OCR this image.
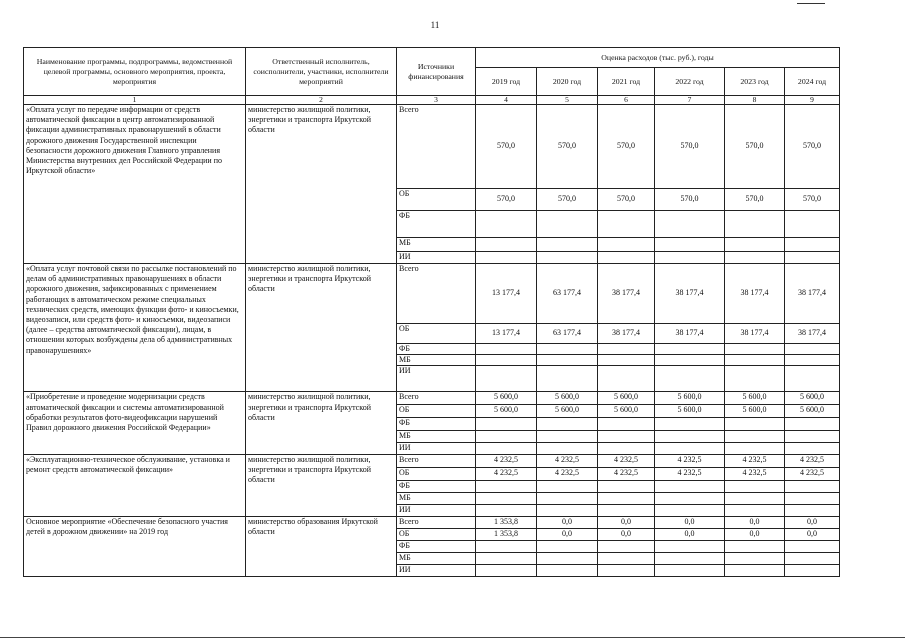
11
Наименование программы, подпрограммы, ведомственной целевой программы, основного мероприятия, проекта, мероприятия	Ответственный исполнитель, соисполнители, участники, исполнители мероприятий	Источники финансирования	Оценка расходов (тыс. руб.), годы					
			2019 год	2020 год	2021 год	2022 год	2023 год	2024 год
1	2	3	4	5	6	7	8	9
«Оплата услуг по передаче информации от средств автоматической фиксации в центр автоматизированной фиксации административных правонарушений в области дорожного движения Государственной инспекции безопасности дорожного движения Главного управления Министерства внутренних дел Российской Федерации по Иркутской области»	министерство жилищной политики, энергетики и транспорта Иркутской области	Всего	570,0	570,0	570,0	570,0	570,0	570,0
		ОБ	570,0	570,0	570,0	570,0	570,0	570,0
		ФБ						
		МБ						
		ИИ						
«Оплата услуг почтовой связи по рассылке постановлений по делам об административных правонарушениях в области дорожного движения, зафиксированных с применением работающих в автоматическом режиме специальных технических средств, имеющих функции фото- и киносъемки, видеозаписи, или средств фото- и киносъемки, видеозаписи (далее – средства автоматической фиксации), лицам, в отношении которых возбуждены дела об административных правонарушениях»	министерство жилищной политики, энергетики и транспорта Иркутской области	Всего	13 177,4	63 177,4	38 177,4	38 177,4	38 177,4	38 177,4
		ОБ	13 177,4	63 177,4	38 177,4	38 177,4	38 177,4	38 177,4
		ФБ						
		МБ						
		ИИ						
«Приобретение и проведение модернизации средств автоматической фиксации и системы автоматизированной обработки результатов фото-видеофиксации нарушений Правил дорожного движения Российской Федерации»	министерство жилищной политики, энергетики и транспорта Иркутской области	Всего	5 600,0	5 600,0	5 600,0	5 600,0	5 600,0	5 600,0
		ОБ	5 600,0	5 600,0	5 600,0	5 600,0	5 600,0	5 600,0
		ФБ						
		МБ						
		ИИ						
«Эксплуатационно-техническое обслуживание, установка и ремонт средств автоматической фиксации»	министерство жилищной политики, энергетики и транспорта Иркутской области	Всего	4 232,5	4 232,5	4 232,5	4 232,5	4 232,5	4 232,5
		ОБ	4 232,5	4 232,5	4 232,5	4 232,5	4 232,5	4 232,5
		ФБ						
		МБ						
		ИИ						
Основное мероприятие «Обеспечение безопасного участия детей в дорожном движении» на 2019 год	министерство образования Иркутской области	Всего	1 353,8	0,0	0,0	0,0	0,0	0,0
		ОБ	1 353,8	0,0	0,0	0,0	0,0	0,0
		ФБ						
		МБ						
		ИИ						
